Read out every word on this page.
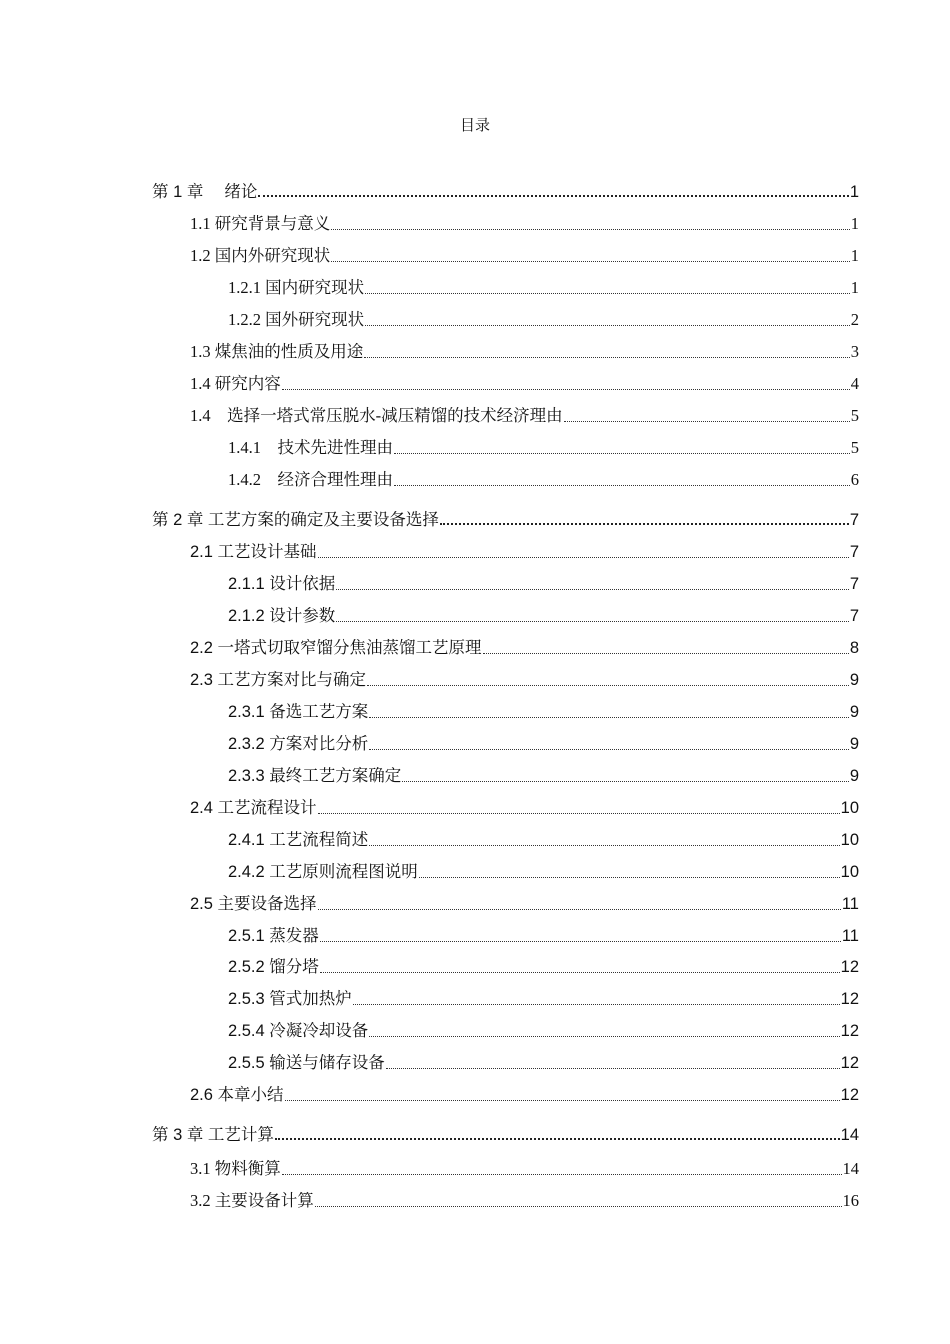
目录
第 1 章　 绪论	1
1.1 研究背景与意义	1
1.2 国内外研究现状	1
1.2.1 国内研究现状	1
1.2.2 国外研究现状	2
1.3 煤焦油的性质及用途	3
1.4 研究内容	4
1.4　选择一塔式常压脱水-减压精馏的技术经济理由	5
1.4.1　技术先进性理由	5
1.4.2　经济合理性理由	6
第 2 章 工艺方案的确定及主要设备选择	7
2.1 工艺设计基础	7
2.1.1 设计依据	7
2.1.2 设计参数	7
2.2 一塔式切取窄馏分焦油蒸馏工艺原理	8
2.3 工艺方案对比与确定	9
2.3.1 备选工艺方案	9
2.3.2 方案对比分析	9
2.3.3 最终工艺方案确定	9
2.4 工艺流程设计	10
2.4.1 工艺流程简述	10
2.4.2 工艺原则流程图说明	10
2.5 主要设备选择	11
2.5.1 蒸发器	11
2.5.2 馏分塔	12
2.5.3 管式加热炉	12
2.5.4 冷凝冷却设备	12
2.5.5 输送与储存设备	12
2.6 本章小结	12
第 3 章 工艺计算	14
3.1 物料衡算	14
3.2 主要设备计算	16
